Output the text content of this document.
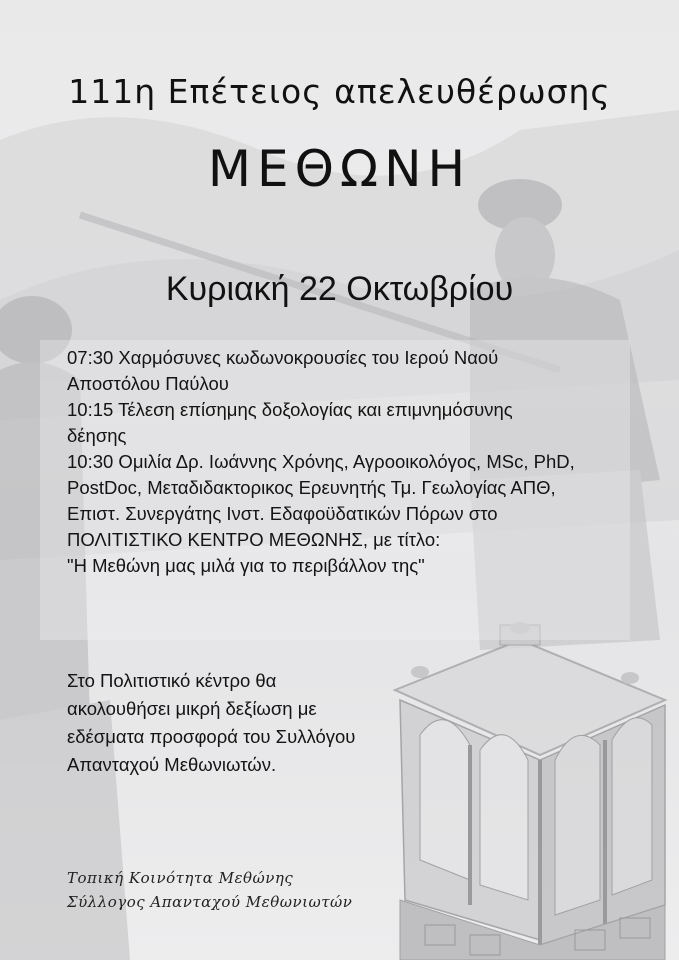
111η Επέτειος απελευθέρωσης
ΜΕΘΩΝΗ
Κυριακή 22 Οκτωβρίου

07:30 Χαρμόσυνες κωδωνοκρουσίες του Ιερού Ναού

Αποστόλου Παύλου

10:15 Τέλεση επίσημης δοξολογίας και επιμνημόσυνης

δέησης

10:30 Ομιλία Δρ. Ιωάννης Χρόνης, Αγροοικολόγος, MSc, PhD,

PostDoc, Μεταδιδακτορικος Ερευνητής Τμ. Γεωλογίας ΑΠΘ,

Επιστ. Συνεργάτης Ινστ. Εδαφοϋδατικών Πόρων στο

ΠΟΛΙΤΙΣΤΙΚΟ ΚΕΝΤΡΟ ΜΕΘΩΝΗΣ, με τίτλο:

"Η Μεθώνη μας μιλά για το περιβάλλον της"

Στο Πολιτιστικό κέντρο θα

ακολουθήσει μικρή δεξίωση με

εδέσματα προσφορά του Συλλόγου

Απανταχού Μεθωνιωτών.

Τοπική Κοινότητα Μεθώνης

Σύλλογος Απανταχού Μεθωνιωτών
